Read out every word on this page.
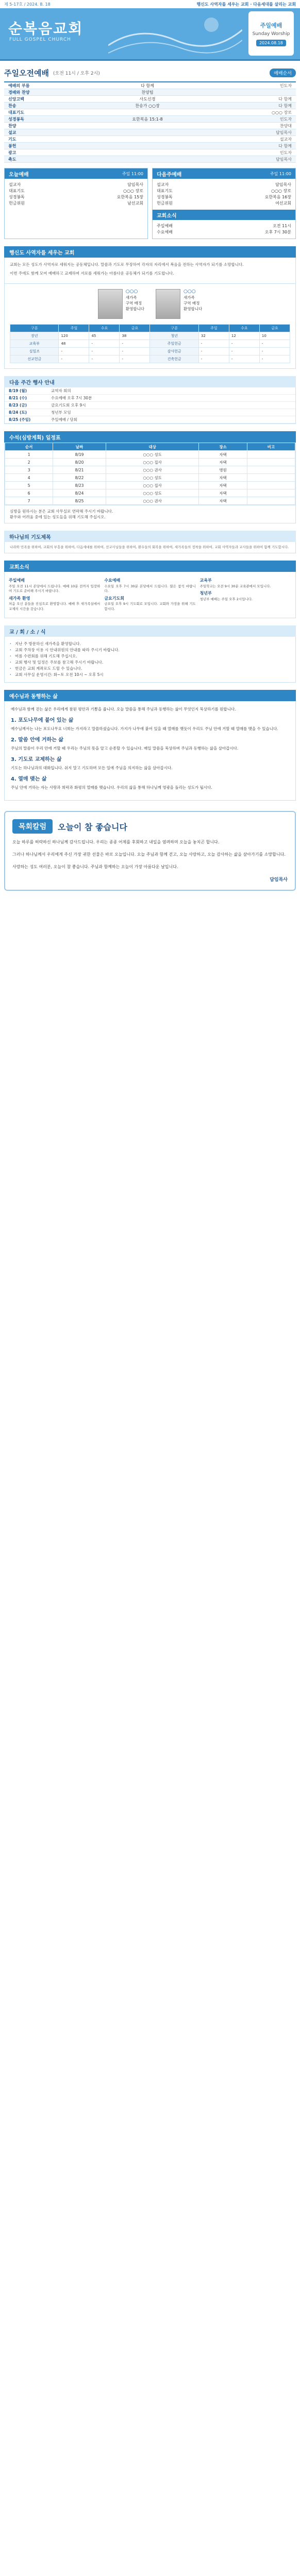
제 5-17호 / 2024. 8. 18	행신도 사역자를 세우는 교회 · 다음세대를 살리는 교회
순복음교회
FULL GOSPEL CHURCH
주일예배
Sunday Worship
2024.08.18
주일오전예배 (오전 11시 / 오후 2시)	예배순서
예배의 부름	다 함께	인도자
경배와 찬양	찬양팀
신앙고백	사도신경	다 함께
찬송	찬송가 ○○장	다 함께
대표기도	○○○ 장로
성경봉독	요한복음 15:1-8	인도자
찬양	찬양대
설교	담임목사
기도	설교자
봉헌	다 함께
광고	인도자
축도	담임목사
오늘예배	주일 11:00
설교자	담임목사
대표기도	○○○ 장로
성경봉독	요한복음 15장
헌금위원	남선교회
다음주예배	주일 11:00
설교자	담임목사
대표기도	○○○ 장로
성경봉독	요한복음 16장
헌금위원	여선교회
교회소식
주일예배	오전 11시
수요예배	오후 7시 30분
행신도 사역자를 세우는 교회

교회는 모든 성도가 사역자로 세워지는 공동체입니다. 말씀과 기도로 무장하여 각자의 자리에서 복음을 전하는 사역자가 되기를 소망합니다.

이번 주에도 함께 모여 예배하고 교제하며 서로를 세워가는 아름다운 공동체가 되기를 기도합니다.

○○○
새가족
구역 배정
환영합니다
○○○
새가족
구역 배정
환영합니다
구분	주일	수요	금요	구분	주일	수요	금요
장년	120	45	38	청년	32	12	10
교육부	48	-	-	주일헌금	-	-	-
십일조	-	-	-	감사헌금	-	-	-
선교헌금	-	-	-	건축헌금	-	-	-
다음 주간 행사 안내
8/19 (월)	교역자 회의
8/21 (수)	수요예배 오후 7시 30분
8/23 (금)	금요기도회 오후 9시
8/24 (토)	청년부 모임
8/25 (주일)	주일예배 / 당회
수석(심방계획) 일정표
순서	날짜	대상	장소	비고
1	8/19	○○○ 성도	자택	
2	8/20	○○○ 집사	자택	
3	8/21	○○○ 권사	병원	
4	8/22	○○○ 성도	자택	
5	8/23	○○○ 집사	자택	
6	8/24	○○○ 성도	자택	
7	8/25	○○○ 권사	자택	
심방을 원하시는 분은 교회 사무실로 연락해 주시기 바랍니다.
환우와 어려움 중에 있는 성도들을 위해 기도해 주십시오.
하나님의 기도제목
나라와 민족을 위하여, 교회의 부흥을 위하여, 다음세대를 위하여, 선교사님들을 위하여, 환우들의 회복을 위하여, 새가족들의 정착을 위하여, 교회 사역자들과 교사들을 위하여 함께 기도합시다.
교회소식
주일예배

주일 오전 11시 본당에서 드립니다. 예배 10분 전까지 입장하여 기도로 준비해 주시기 바랍니다.

새가족 환영

처음 오신 분들을 진심으로 환영합니다. 예배 후 새가족실에서 교제의 시간을 갖습니다.

수요예배

수요일 오후 7시 30분 본당에서 드립니다. 많은 참석 바랍니다.

금요기도회

금요일 오후 9시 기도회로 모입니다. 교회와 가정을 위해 기도합시다.

교육부

주일학교는 오전 9시 30분 교육관에서 모입니다.

청년부

청년부 예배는 주일 오후 2시입니다.

교 / 회 / 소 / 식
· 지난 주 방문하신 새가족을 환영합니다.
· 교회 주차장 이용 시 안내위원의 안내를 따라 주시기 바랍니다.
· 여름 수련회를 위해 기도해 주십시오.
· 교회 행사 및 일정은 주보를 참고해 주시기 바랍니다.
· 헌금은 교회 계좌로도 드릴 수 있습니다.
· 교회 사무실 운영시간: 화~토 오전 10시 ~ 오후 5시
예수님과 동행하는 삶

예수님과 함께 걷는 삶은 우리에게 참된 평안과 기쁨을 줍니다. 오늘 말씀을 통해 주님과 동행하는 삶이 무엇인지 묵상하기를 원합니다.

1. 포도나무에 붙어 있는 삶

예수님께서는 나는 포도나무요 너희는 가지라고 말씀하셨습니다. 가지가 나무에 붙어 있을 때 열매를 맺듯이 우리도 주님 안에 거할 때 열매를 맺을 수 있습니다.

2. 말씀 안에 거하는 삶

주님의 말씀이 우리 안에 거할 때 우리는 주님의 뜻을 알고 순종할 수 있습니다. 매일 말씀을 묵상하며 주님과 동행하는 삶을 살아갑시다.

3. 기도로 교제하는 삶

기도는 하나님과의 대화입니다. 쉬지 말고 기도하며 모든 일에 주님을 의지하는 삶을 살아갑시다.

4. 열매 맺는 삶

주님 안에 거하는 자는 사랑과 희락과 화평의 열매를 맺습니다. 우리의 삶을 통해 하나님께 영광을 돌리는 성도가 됩시다.

목회칼럼	오늘이 참 좋습니다

오늘 하루를 허락하신 하나님께 감사드립니다. 우리는 종종 어제를 후회하고 내일을 염려하며 오늘을 놓치곤 합니다.

그러나 하나님께서 우리에게 주신 가장 귀한 선물은 바로 오늘입니다. 오늘 주님과 함께 걷고, 오늘 사랑하고, 오늘 감사하는 삶을 살아가기를 소망합니다.

사랑하는 성도 여러분, 오늘이 참 좋습니다. 주님과 함께하는 오늘이 가장 아름다운 날입니다.

담임목사
